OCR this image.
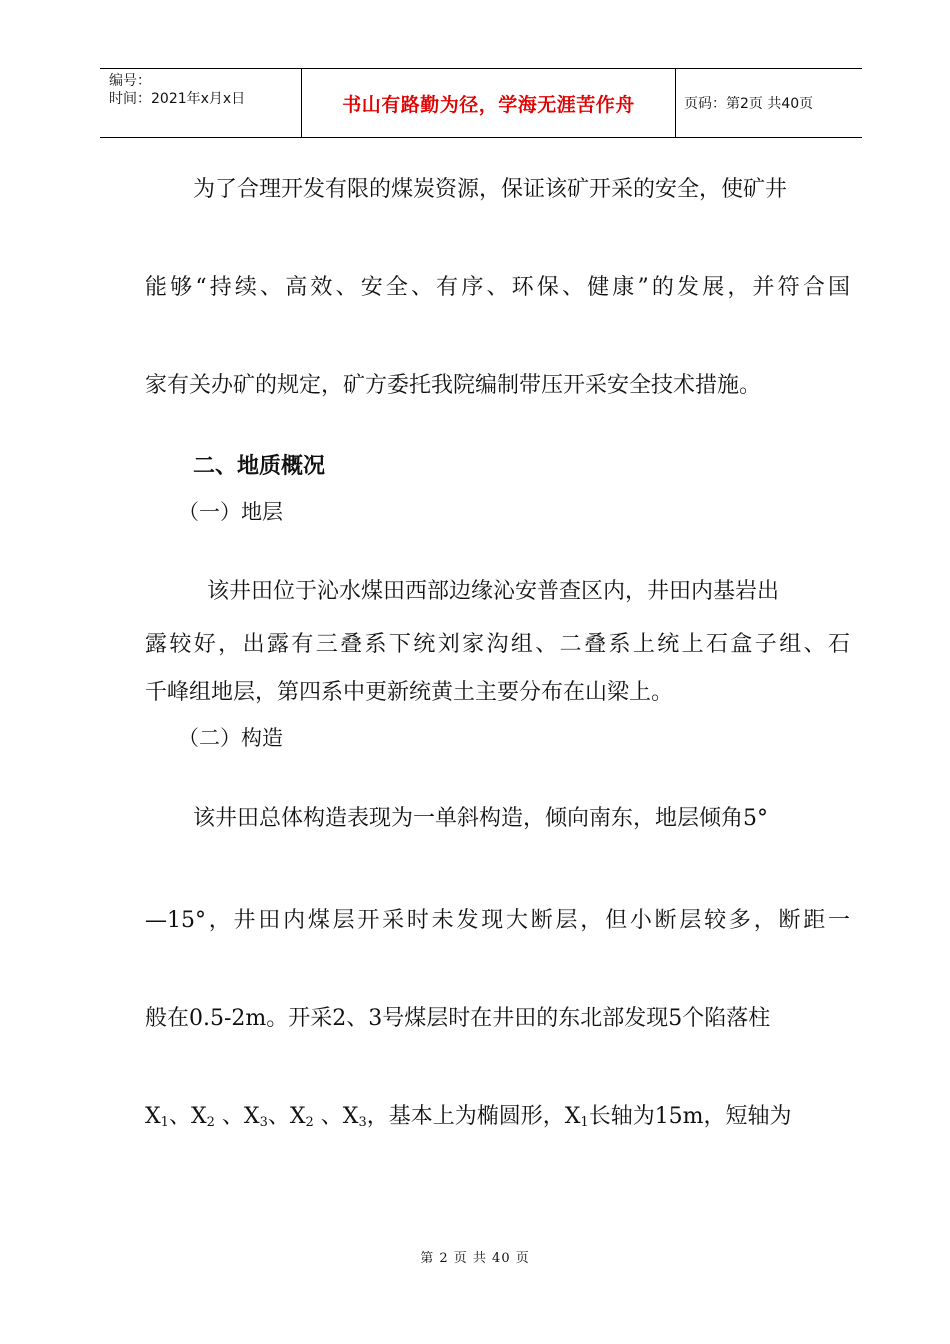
编号：
时间：2021年x月x日	书山有路勤为径，学海无涯苦作舟	页码：第2页 共40页
为了合理开发有限的煤炭资源，保证该矿开采的安全，使矿井
能够“持续、高效、安全、有序、环保、健康”的发展，并符合国
家有关办矿的规定，矿方委托我院编制带压开采安全技术措施。
二、地质概况
（一）地层
该井田位于沁水煤田西部边缘沁安普查区内，井田内基岩出
露较好，出露有三叠系下统刘家沟组、二叠系上统上石盒子组、石
千峰组地层，第四系中更新统黄土主要分布在山梁上。
（二）构造
该井田总体构造表现为一单斜构造，倾向南东，地层倾角5°
—15°，井田内煤层开采时未发现大断层，但小断层较多，断距一
般在0.5-2m。开采2、3号煤层时在井田的东北部发现5个陷落柱
$X_1$、$X_2$ 、$X_3$、$X_2$ 、$X_3$，基本上为椭圆形，$X_1$长轴为15m，短轴为
第 2 页 共 40 页
